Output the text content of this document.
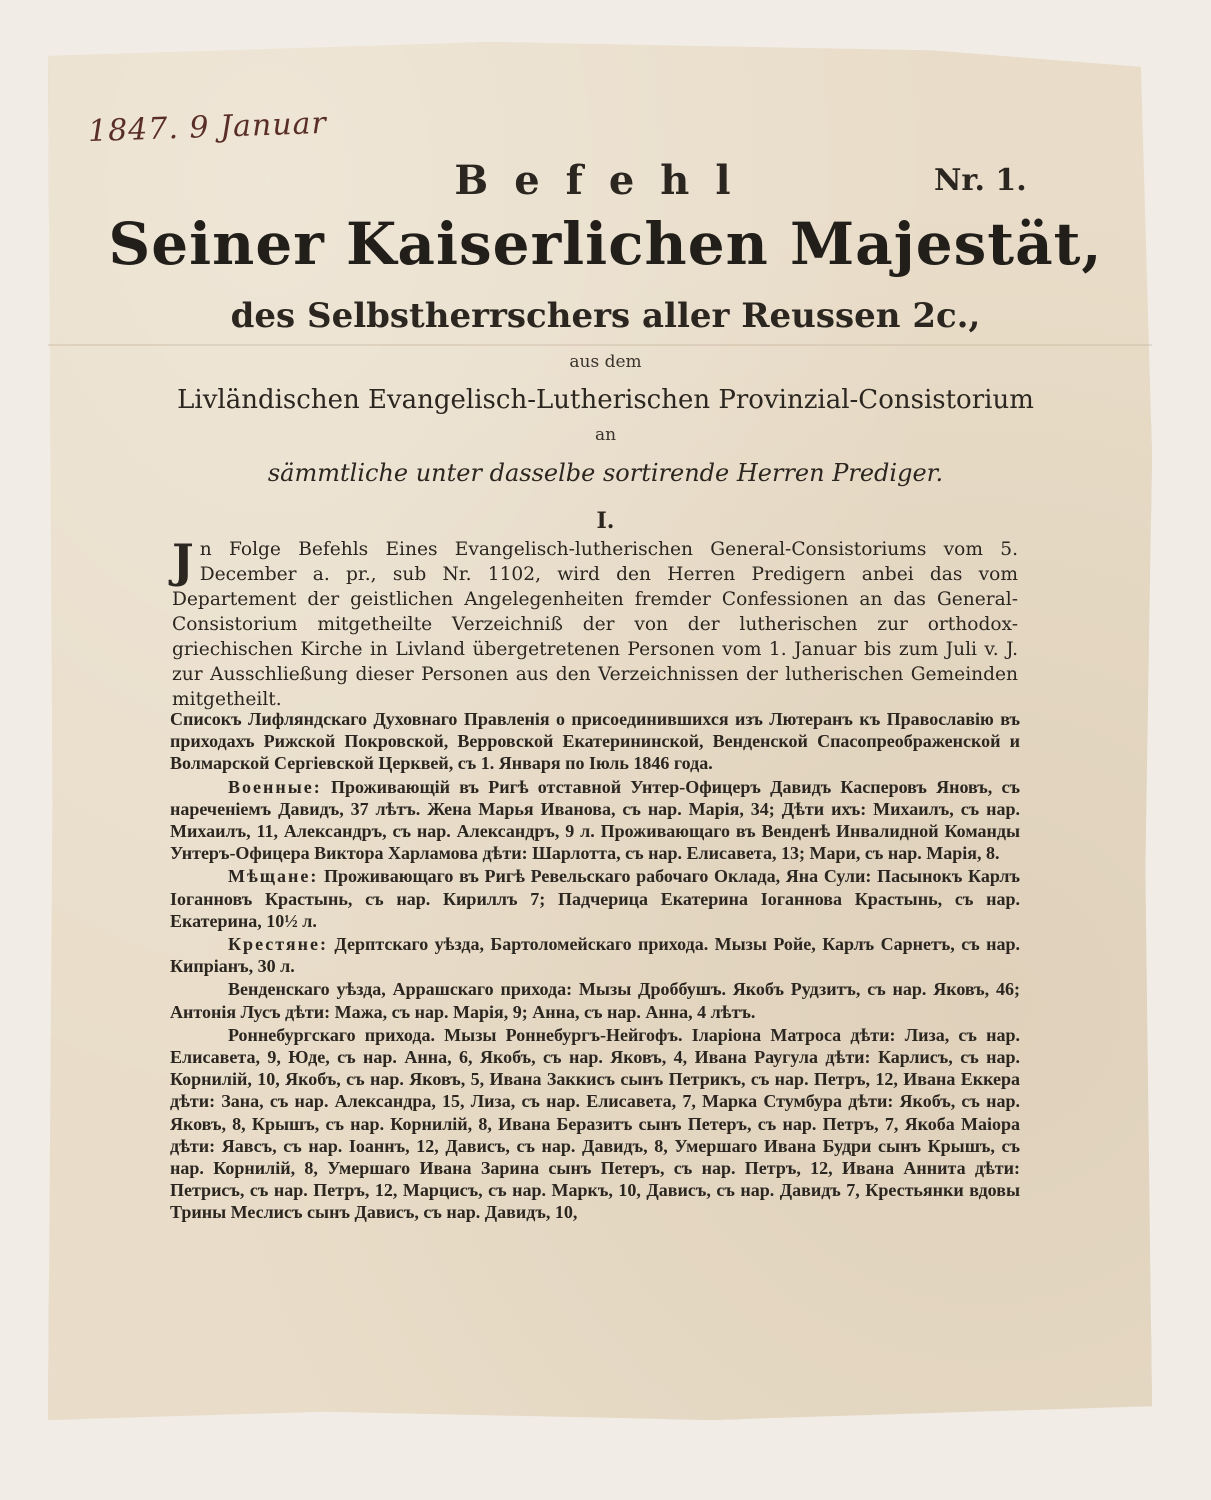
1847. 9 Januar
Nr. 1.
Befehl
Seiner Kaiserlichen Majestät,
des Selbstherrschers aller Reussen 2c.,
aus dem
Livländischen Evangelisch-Lutherischen Provinzial-Consistorium
an
sämmtliche unter dasselbe sortirende Herren Prediger.
I.
Jn Folge Befehls Eines Evangelisch-lutherischen General-Consistoriums vom 5. December a. pr., sub Nr. 1102, wird den Herren Predigern anbei das vom Departement der geistlichen Angelegenheiten fremder Confessionen an das General-Consistorium mitgetheilte Verzeichniß der von der lutherischen zur orthodox-griechischen Kirche in Livland übergetretenen Personen vom 1. Januar bis zum Juli v. J. zur Ausschließung dieser Personen aus den Verzeichnissen der lutherischen Gemeinden mitgetheilt.

Списокъ Лифляндскаго Духовнаго Правленія о присоединившихся изъ Лютеранъ къ Православію въ приходахъ Рижской Покровской, Верровской Екатерининской, Венденской Спасопреображенской и Волмарской Сергіевской Церквей, съ 1. Января по Іюль 1846 года.

Военные: Проживающій въ Ригѣ отставной Унтер-Офицеръ Давидъ Касперовъ Яновъ, съ нареченіемъ Давидъ, 37 лѣтъ. Жена Марья Иванова, съ нар. Марія, 34; Дѣти ихъ: Михаилъ, съ нар. Михаилъ, 11, Александръ, съ нар. Александръ, 9 л. Проживающаго въ Венденѣ Инвалидной Команды Унтеръ-Офицера Виктора Харламова дѣти: Шарлотта, съ нар. Елисавета, 13; Мари, съ нар. Марія, 8.

Мѣщане: Проживающаго въ Ригѣ Ревельскаго рабочаго Оклада, Яна Сули: Пасынокъ Карлъ Іоганновъ Крастынь, съ нар. Кириллъ 7; Падчерица Екатерина Іоганнова Крастынь, съ нар. Екатерина, 10½ л.

Крестяне: Дерптскаго уѣзда, Бартоломейскаго прихода. Мызы Ройе, Карлъ Сарнетъ, съ нар. Кипріанъ, 30 л.

Венденскаго уѣзда, Аррашскаго прихода: Мызы Дроббушъ. Якобъ Рудзитъ, съ нар. Яковъ, 46; Антонія Лусъ дѣти: Мажа, съ нар. Марія, 9; Анна, съ нар. Анна, 4 лѣтъ.

Роннебургскаго прихода. Мызы Роннебургъ-Нейгофъ. Іларіона Матроса дѣти: Лиза, съ нар. Елисавета, 9, Юде, съ нар. Анна, 6, Якобъ, съ нар. Яковъ, 4, Ивана Раугула дѣти: Карлисъ, съ нар. Корнилій, 10, Якобъ, съ нар. Яковъ, 5, Ивана Заккисъ сынъ Петрикъ, съ нар. Петръ, 12, Ивана Еккера дѣти: Зана, съ нар. Александра, 15, Лиза, съ нар. Елисавета, 7, Марка Стумбура дѣти: Якобъ, съ нар. Яковъ, 8, Крышъ, съ нар. Корнилій, 8, Ивана Беразитъ сынъ Петеръ, съ нар. Петръ, 7, Якоба Маіора дѣти: Яавсъ, съ нар. Іоаннъ, 12, Дависъ, съ нар. Давидъ, 8, Умершаго Ивана Будри сынъ Крышъ, съ нар. Корнилій, 8, Умершаго Ивана Зарина сынъ Петеръ, съ нар. Петръ, 12, Ивана Аннита дѣти: Петрисъ, съ нар. Петръ, 12, Марцисъ, съ нар. Маркъ, 10, Дависъ, съ нар. Давидъ 7, Крестьянки вдовы Трины Меслисъ сынъ Дависъ, съ нар. Давидъ, 10,
